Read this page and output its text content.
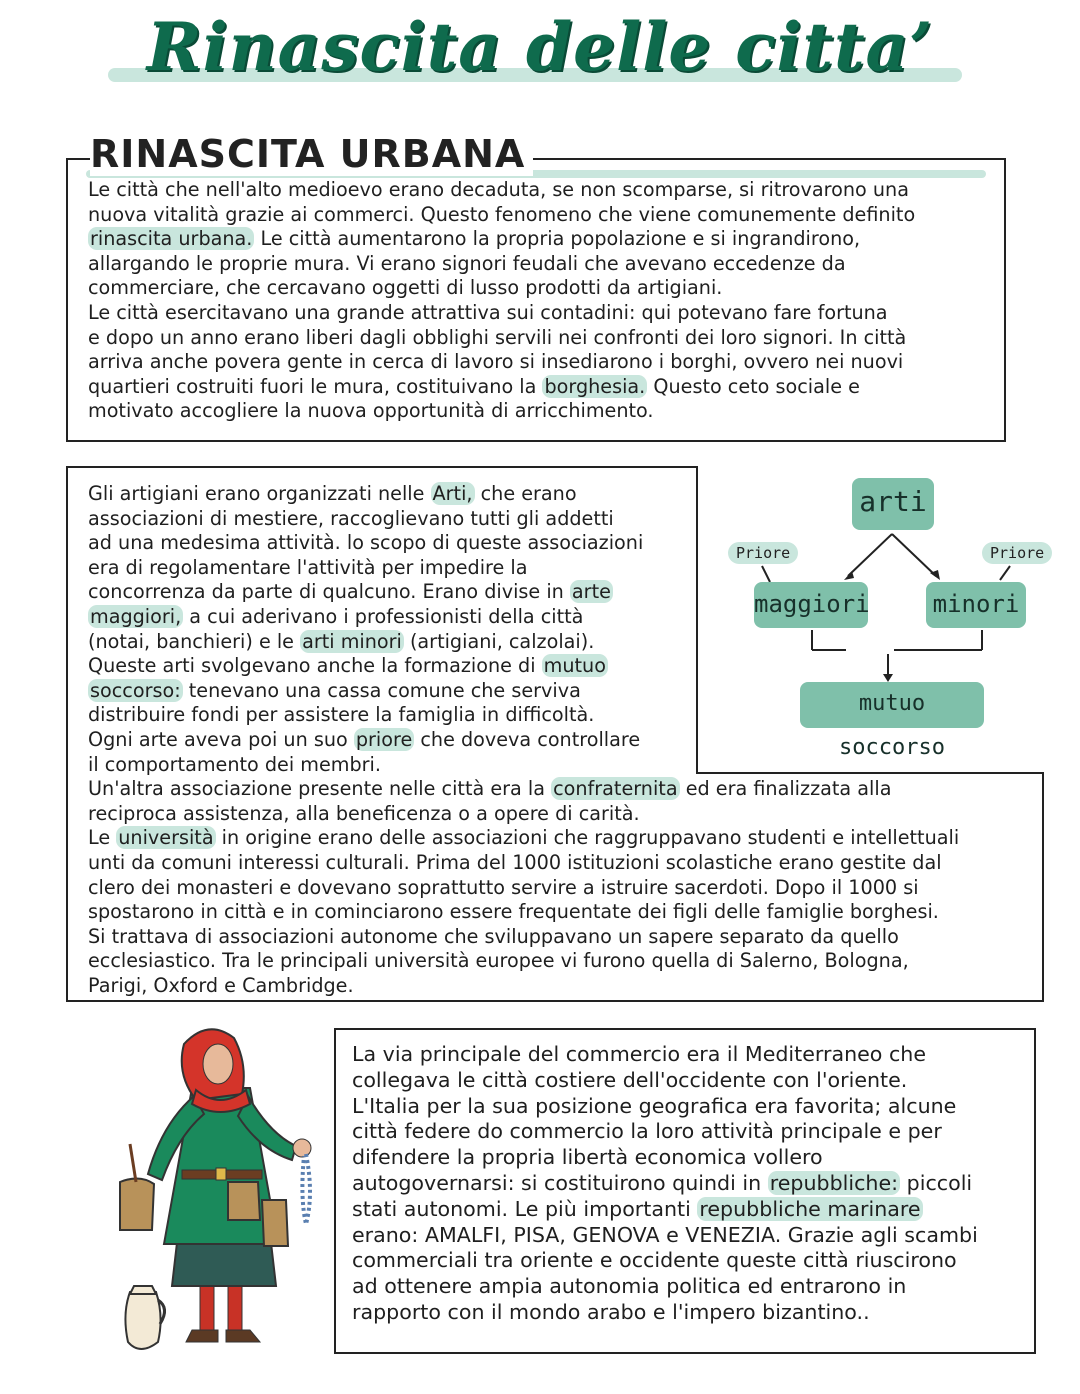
Rinascita delle citta’
RINASCITA URBANA
Le città che nell'alto medioevo erano decaduta, se non scomparse, si ritrovarono una
nuova vitalità grazie ai commerci. Questo fenomeno che viene comunemente definito
rinascita urbana. Le città aumentarono la propria popolazione e si ingrandirono,
allargando le proprie mura. Vi erano signori feudali che avevano eccedenze da
commerciare, che cercavano oggetti di lusso prodotti da artigiani.
Le città esercitavano una grande attrattiva sui contadini: qui potevano fare fortuna
e dopo un anno erano liberi dagli obblighi servili nei confronti dei loro signori. In città
arriva anche povera gente in cerca di lavoro si insediarono i borghi, ovvero nei nuovi
quartieri costruiti fuori le mura, costituivano la borghesia. Questo ceto sociale e
motivato accogliere la nuova opportunità di arricchimento.
Gli artigiani erano organizzati nelle Arti, che erano
associazioni di mestiere, raccoglievano tutti gli addetti
ad una medesima attività. lo scopo di queste associazioni
era di regolamentare l'attività per impedire la
concorrenza da parte di qualcuno. Erano divise in arte
maggiori, a cui aderivano i professionisti della città
(notai, banchieri) e le arti minori (artigiani, calzolai).
Queste arti svolgevano anche la formazione di mutuo
soccorso: tenevano una cassa comune che serviva
distribuire fondi per assistere la famiglia in difficoltà.
Ogni arte aveva poi un suo priore che doveva controllare
il comportamento dei membri.
Un'altra associazione presente nelle città era la confraternita ed era finalizzata alla
reciproca assistenza, alla beneficenza o a opere di carità.
Le università in origine erano delle associazioni che raggruppavano studenti e intellettuali
unti da comuni interessi culturali. Prima del 1000 istituzioni scolastiche erano gestite dal
clero dei monasteri e dovevano soprattutto servire a istruire sacerdoti. Dopo il 1000 si
spostarono in città e in cominciarono essere frequentate dei figli delle famiglie borghesi.
Si trattava di associazioni autonome che sviluppavano un sapere separato da quello
ecclesiastico. Tra le principali università europee vi furono quella di Salerno, Bologna,
Parigi, Oxford e Cambridge.
arti
Priore	Priore
maggiori	minori
mutuo soccorso
La via principale del commercio era il Mediterraneo che
collegava le città costiere dell'occidente con l'oriente.
L'Italia per la sua posizione geografica era favorita; alcune
città federe do commercio la loro attività principale e per
difendere la propria libertà economica vollero
autogovernarsi: si costituirono quindi in repubbliche: piccoli
stati autonomi. Le più importanti repubbliche marinare
erano: AMALFI, PISA, GENOVA e VENEZIA. Grazie agli scambi
commerciali tra oriente e occidente queste città riuscirono
ad ottenere ampia autonomia politica ed entrarono in
rapporto con il mondo arabo e l'impero bizantino..
